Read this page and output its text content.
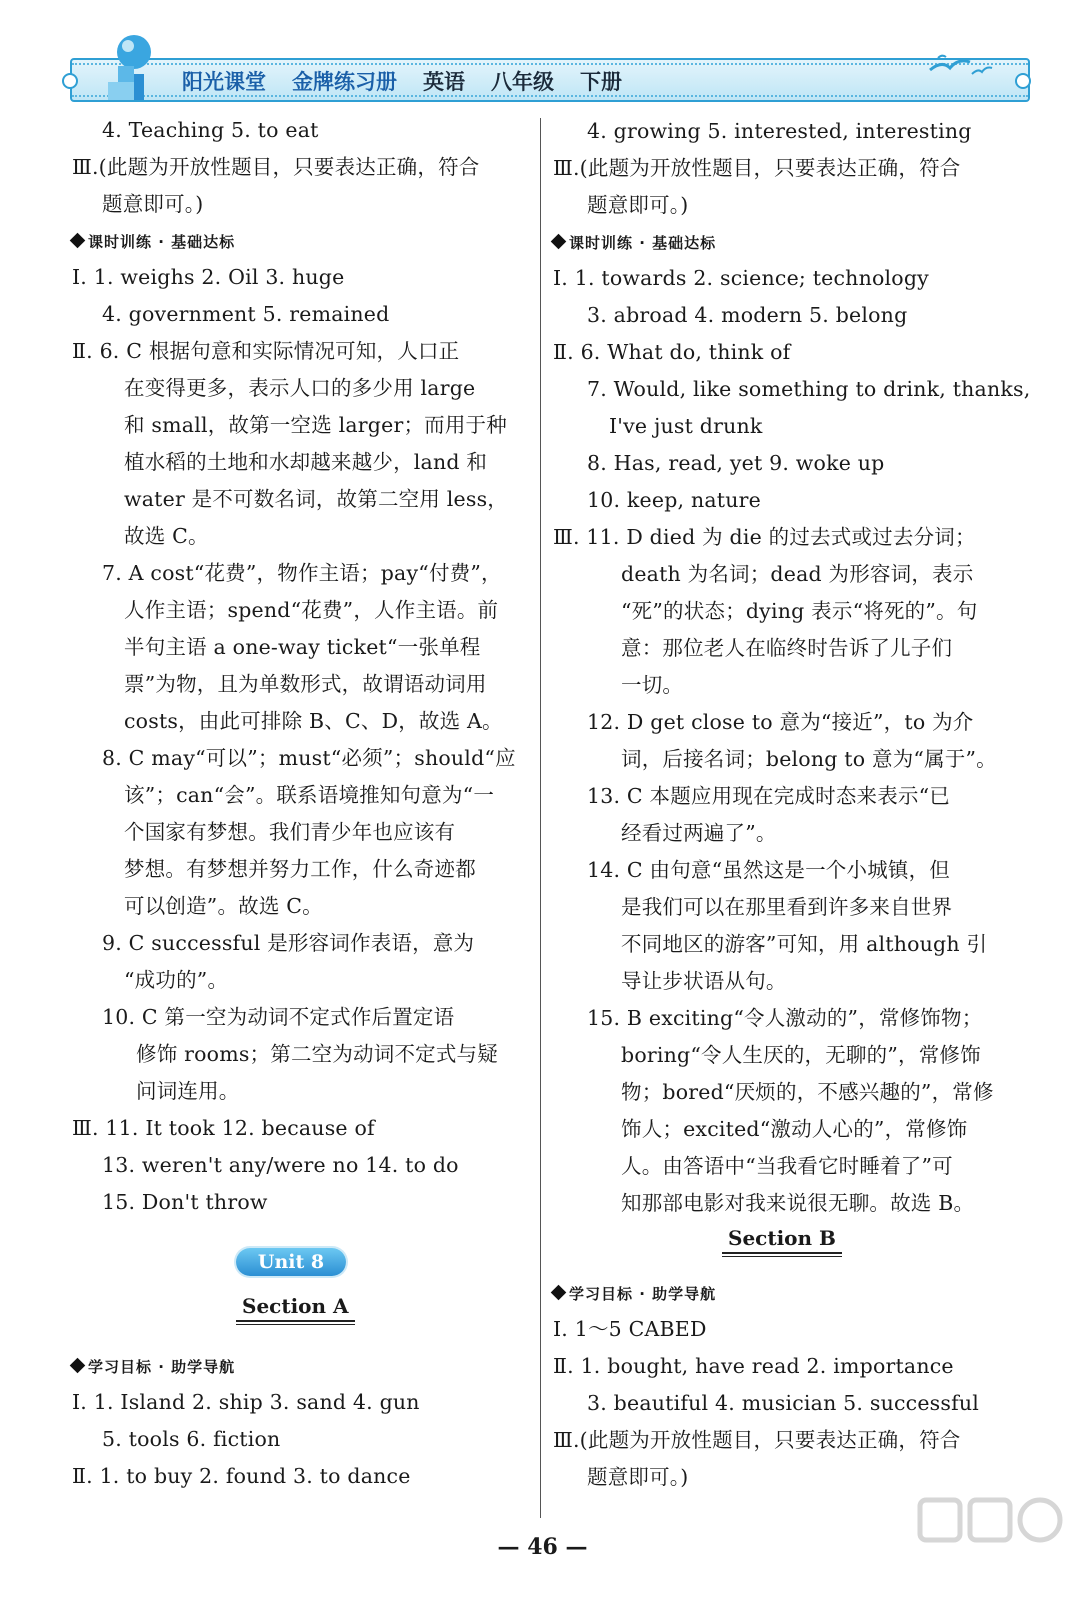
阳光课堂 金牌练习册 英语 八年级 下册
4. Teaching 5. to eat
Ⅲ.(此题为开放性题目，只要表达正确，符合
题意即可。)
课时训练 · 基础达标
Ⅰ. 1. weighs 2. Oil 3. huge
4. government 5. remained
Ⅱ. 6. C 根据句意和实际情况可知，人口正
在变得更多，表示人口的多少用 large
和 small，故第一空选 larger；而用于种
植水稻的土地和水却越来越少，land 和
water 是不可数名词，故第二空用 less，
故选 C。
7. A cost“花费”，物作主语；pay“付费”，
人作主语；spend“花费”，人作主语。前
半句主语 a one-way ticket“一张单程
票”为物，且为单数形式，故谓语动词用
costs，由此可排除 B、C、D，故选 A。
8. C may“可以”；must“必须”；should“应
该”；can“会”。联系语境推知句意为“一
个国家有梦想。我们青少年也应该有
梦想。有梦想并努力工作，什么奇迹都
可以创造”。故选 C。
9. C successful 是形容词作表语，意为
“成功的”。
10. C 第一空为动词不定式作后置定语
修饰 rooms；第二空为动词不定式与疑
问词连用。
Ⅲ. 11. It took 12. because of
13. weren't any/were no 14. to do
15. Don't throw
Unit 8
Section A
学习目标 · 助学导航
Ⅰ. 1. Island 2. ship 3. sand 4. gun
5. tools 6. fiction
Ⅱ. 1. to buy 2. found 3. to dance
4. growing 5. interested, interesting
Ⅲ.(此题为开放性题目，只要表达正确，符合
题意即可。)
课时训练 · 基础达标
Ⅰ. 1. towards 2. science; technology
3. abroad 4. modern 5. belong
Ⅱ. 6. What do, think of
7. Would, like something to drink, thanks,
I've just drunk
8. Has, read, yet 9. woke up
10. keep, nature
Ⅲ. 11. D died 为 die 的过去式或过去分词；
death 为名词；dead 为形容词，表示
“死”的状态；dying 表示“将死的”。句
意：那位老人在临终时告诉了儿子们
一切。
12. D get close to 意为“接近”，to 为介
词，后接名词；belong to 意为“属于”。
13. C 本题应用现在完成时态来表示“已
经看过两遍了”。
14. C 由句意“虽然这是一个小城镇，但
是我们可以在那里看到许多来自世界
不同地区的游客”可知，用 although 引
导让步状语从句。
15. B exciting“令人激动的”，常修饰物；
boring“令人生厌的，无聊的”，常修饰
物；bored“厌烦的，不感兴趣的”，常修
饰人；excited“激动人心的”，常修饰
人。由答语中“当我看它时睡着了”可
知那部电影对我来说很无聊。故选 B。
Section B
学习目标 · 助学导航
Ⅰ. 1～5 CABED
Ⅱ. 1. bought, have read 2. importance
3. beautiful 4. musician 5. successful
Ⅲ.(此题为开放性题目，只要表达正确，符合
题意即可。)
— 46 —
